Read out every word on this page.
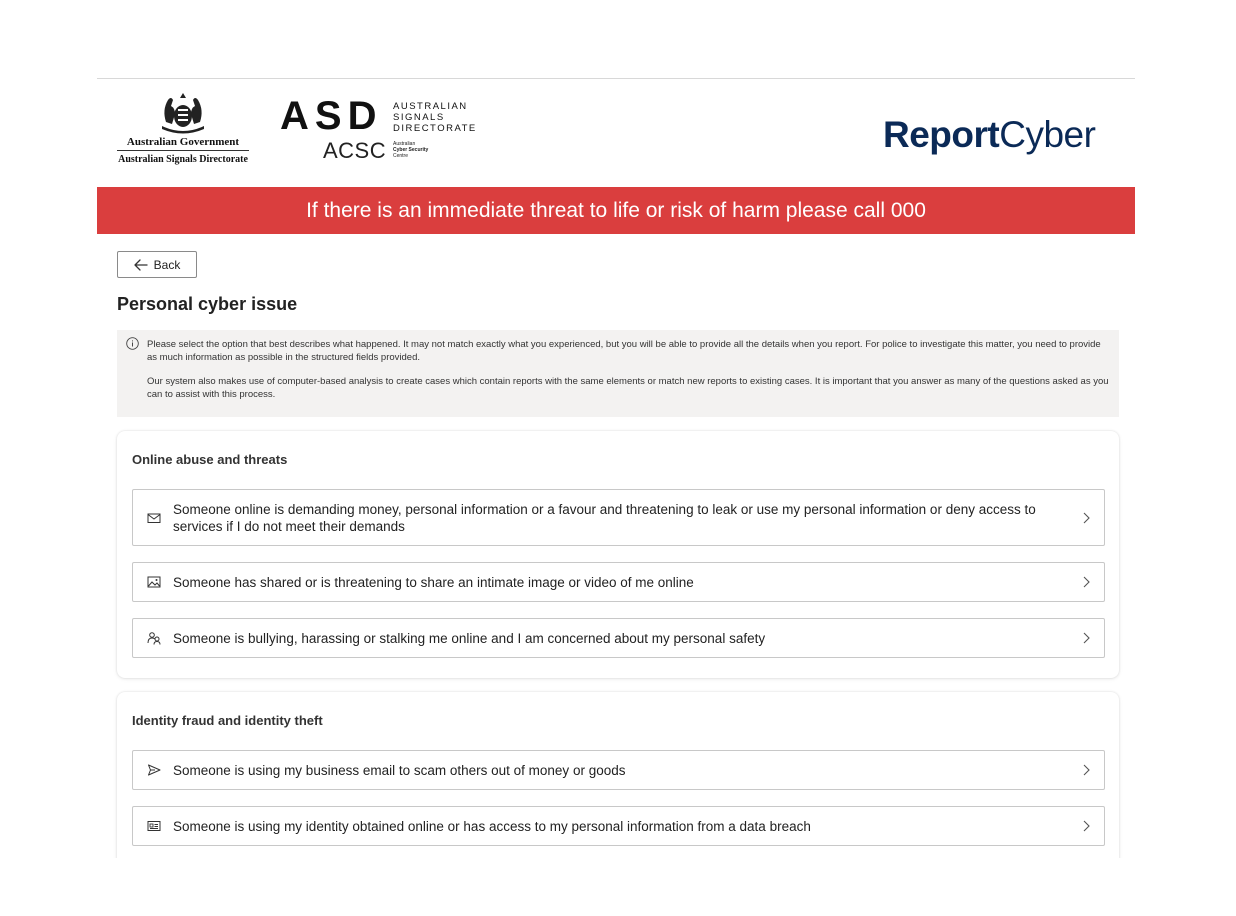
Australian Government
Australian Signals Directorate
ASD AUSTRALIAN
SIGNALS
DIRECTORATE
ACSC Australian
Cyber Security
Centre
ReportCyber
If there is an immediate threat to life or risk of harm please call 000
Back
Personal cyber issue

Please select the option that best describes what happened. It may not match exactly what you experienced, but you will be able to provide all the details when you report. For police to investigate this matter, you need to provide as much information as possible in the structured fields provided.

Our system also makes use of computer-based analysis to create cases which contain reports with the same elements or match new reports to existing cases. It is important that you answer as many of the questions asked as you can to assist with this process.

Online abuse and threats
Someone online is demanding money, personal information or a favour and threatening to leak or use my personal information or deny access to services if I do not meet their demands
Someone has shared or is threatening to share an intimate image or video of me online
Someone is bullying, harassing or stalking me online and I am concerned about my personal safety
Identity fraud and identity theft
Someone is using my business email to scam others out of money or goods
Someone is using my identity obtained online or has access to my personal information from a data breach
